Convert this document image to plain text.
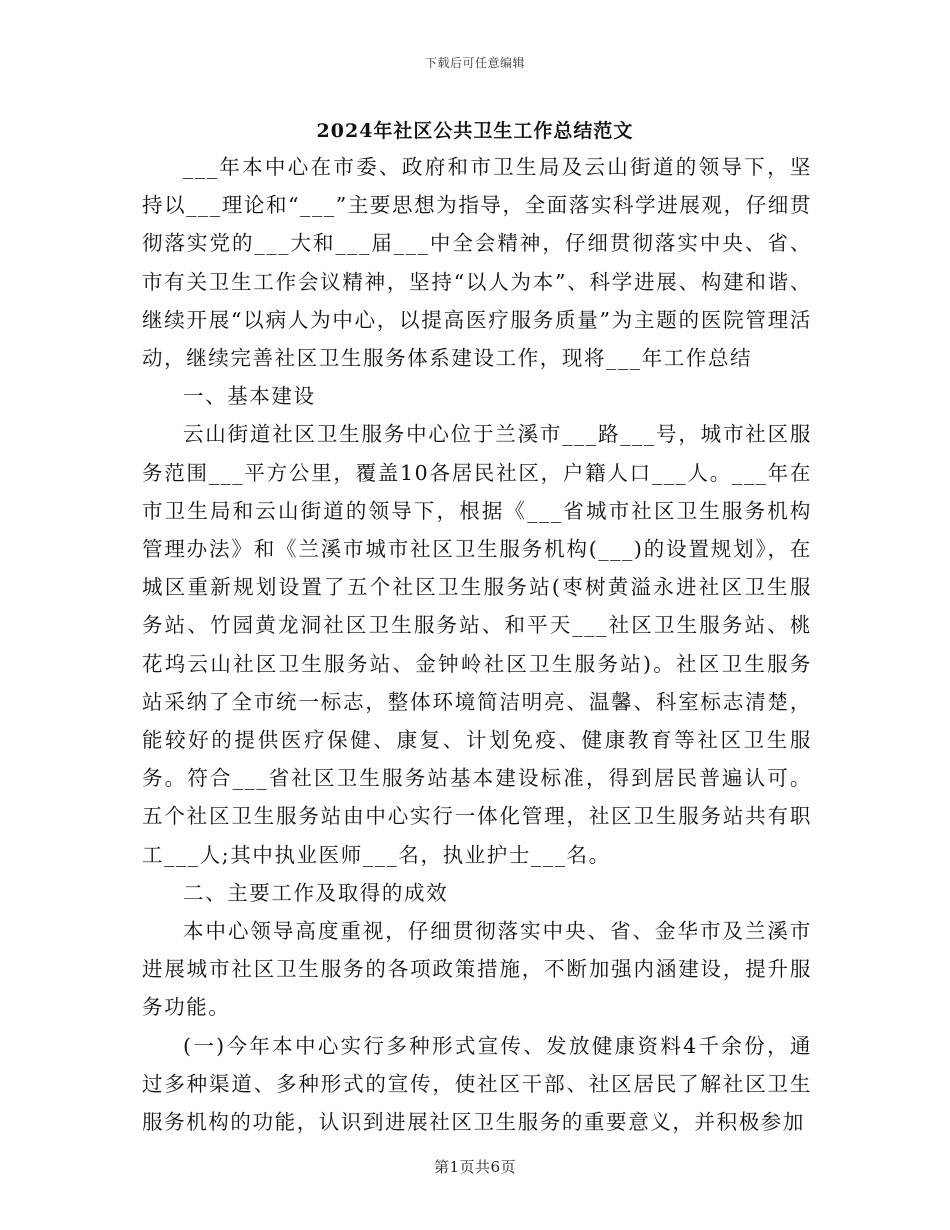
下载后可任意编辑
2024年社区公共卫生工作总结范文

___年本中心在市委、政府和市卫生局及云山街道的领导下，坚持以___理论和“___”主要思想为指导，全面落实科学进展观，仔细贯彻落实党的___大和___届___中全会精神，仔细贯彻落实中央、省、市有关卫生工作会议精神，坚持“以人为本”、科学进展、构建和谐、继续开展“以病人为中心，以提高医疗服务质量”为主题的医院管理活动，继续完善社区卫生服务体系建设工作，现将___年工作总结

一、基本建设

云山街道社区卫生服务中心位于兰溪市___路___号，城市社区服务范围___平方公里，覆盖10各居民社区，户籍人口___人。___年在市卫生局和云山街道的领导下，根据《___省城市社区卫生服务机构管理办法》和《兰溪市城市社区卫生服务机构(___)的设置规划》，在城区重新规划设置了五个社区卫生服务站(枣树黄溢永进社区卫生服务站、竹园黄龙洞社区卫生服务站、和平天___社区卫生服务站、桃花坞云山社区卫生服务站、金钟岭社区卫生服务站)。社区卫生服务站采纳了全市统一标志，整体环境简洁明亮、温馨、科室标志清楚，能较好的提供医疗保健、康复、计划免疫、健康教育等社区卫生服务。符合___省社区卫生服务站基本建设标准，得到居民普遍认可。五个社区卫生服务站由中心实行一体化管理，社区卫生服务站共有职工___人;其中执业医师___名，执业护士___名。

二、主要工作及取得的成效

本中心领导高度重视，仔细贯彻落实中央、省、金华市及兰溪市进展城市社区卫生服务的各项政策措施，不断加强内涵建设，提升服务功能。

(一)今年本中心实行多种形式宣传、发放健康资料4千余份，通过多种渠道、多种形式的宣传，使社区干部、社区居民了解社区卫生服务机构的功能，认识到进展社区卫生服务的重要意义，并积极参加

第1页共6页
